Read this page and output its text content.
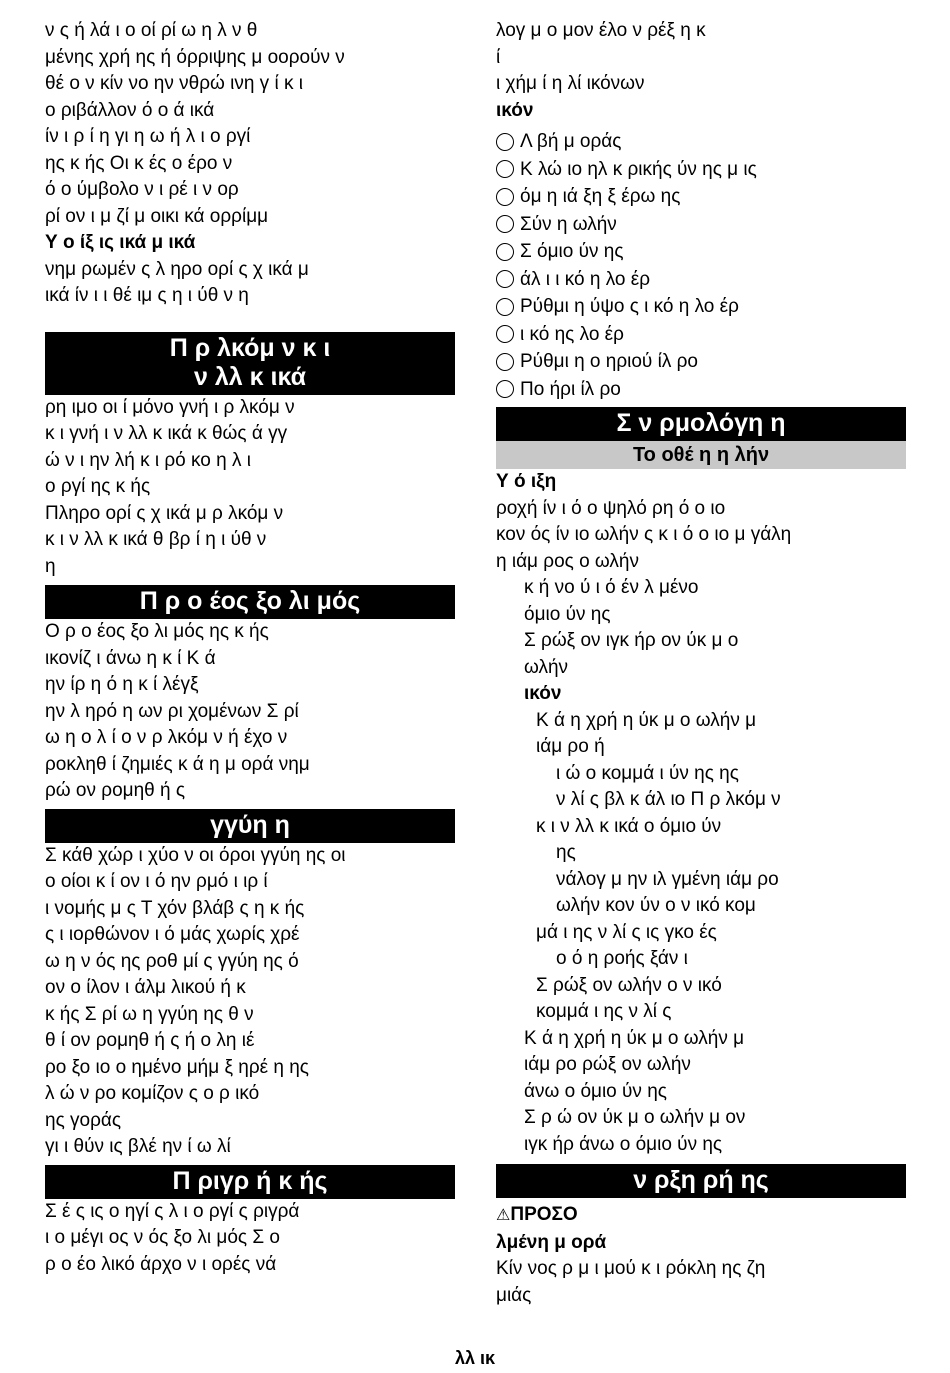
ν ς ή λά ι ο οί ρί ω η λ ν θ

μένης χρή ης ή όρριψης μ οορούν ν

θέ ο ν κίν νο ην νθρώ ινη γ ί κ ι

ο ριβάλλον ό ο ά ικά

ίν ι ρ ί η γι η ω ή λ ι ο ργί

ης κ ής Οι κ ές ο έρο ν

ό ο ύμβολο ν ι ρέ ι ν ορ

ρί ον ι μ ζί μ οικι κά ορρίμμ

Υ ο ίξ ις ικά μ ικά

νημ ρωμέν ς λ ηρο ορί ς χ ικά μ

ικά ίν ι ι θέ ιμ ς η ι ύθ ν η

Π ρ λκόμ ν κ ι
ν λλ κ ικά

ρη ιμο οι ί μόνο γνή ι ρ λκόμ ν

κ ι γνή ι ν λλ κ ικά κ θώς ά γγ

ώ ν ι ην λή κ ι ρό κο η λ ι

ο ργί ης κ ής

Πληρο ορί ς χ ικά μ ρ λκόμ ν

κ ι ν λλ κ ικά θ βρ ί η ι ύθ ν

η

Π ρ ο έος ξο λι μός

Ο ρ ο έος ξο λι μός ης κ ής

ικονίζ ι άνω η κ ί Κ ά

ην ίρ η ό η κ ί λέγξ

ην λ ηρό η ων ρι χομένων Σ ρί

ω η ο λ ί ο ν ρ λκόμ ν ή έχο ν

ροκληθ ί ζημιές κ ά η μ ορά νημ

ρώ ον ρομηθ ή ς

γγύη η

Σ κάθ χώρ ι χύο ν οι όροι γγύη ης οι

ο οίοι κ ί ον ι ό ην ρμό ι ιρ ί

ι νομής μ ς Τ χόν βλάβ ς η κ ής

ς ι ιορθώνον ι ό μάς χωρίς χρέ

ω η ν ός ης ροθ μί ς γγύη ης ό

ον ο ίλον ι άλμ λικού ή κ

κ ής Σ ρί ω η γγύη ης θ ν

θ ί ον ρομηθ ή ς ή ο λη ιέ

ρο ξο ιο ο ημένο μήμ ξ ηρέ η ης

λ ώ ν ρο κομίζον ς ο ρ ικό

ης γοράς

γι ι θύν ις βλέ ην ί ω λί

Π ριγρ ή κ ής

Σ έ ς ις ο ηγί ς λ ι ο ργί ς ριγρά

ι ο μέγι ος ν ός ξο λι μός Σ ο

ρ ο έο λικό άρχο ν ι ορές νά

λογ μ ο μον έλο ν ρέξ η κ

ί

ι χήμ ί η λί ικόνων

ικόν

Λ βή μ οράς
Κ λώ ιο ηλ κ ρικής ύν ης μ ις
όμ η ιά ξη ξ έρω ης
Σύν η ωλήν
Σ όμιο ύν ης
άλ ι ι κό η λο έρ
Ρύθμι η ύψο ς ι κό η λο έρ
ι κό ης λο έρ
Ρύθμι η ο ηριού ίλ ρο
Πο ήρι ίλ ρο
Σ ν ρμολόγη η
Το οθέ η η λήν

Υ ό ιξη

ροχή ίν ι ό ο ψηλό ρη ό ο ιο

κον ός ίν ιο ωλήν ς κ ι ό ο ιο μ γάλη

η ιάμ ρος ο ωλήν

κ ή νο ύ ι ό έν λ μένο

όμιο ύν ης

Σ ρώξ ον ιγκ ήρ ον ύκ μ ο

ωλήν

ικόν

Κ ά η χρή η ύκ μ ο ωλήν μ

ιάμ ρο ή

ι ώ ο κομμά ι ύν ης ης

ν λί ς βλ κ άλ ιο Π ρ λκόμ ν

κ ι ν λλ κ ικά ο όμιο ύν

ης

νάλογ μ ην ιλ γμένη ιάμ ρο

ωλήν κον ύν ο ν ικό κομ

μά ι ης ν λί ς ις γκο ές

ο ό η ροής ξάν ι

Σ ρώξ ον ωλήν ο ν ικό

κομμά ι ης ν λί ς

Κ ά η χρή η ύκ μ ο ωλήν μ

ιάμ ρο ρώξ ον ωλήν

άνω ο όμιο ύν ης

Σ ρ ώ ον ύκ μ ο ωλήν μ ον

ιγκ ήρ άνω ο όμιο ύν ης

ν ρξη ρή ης

⚠ΠΡΟΣΟ

λμένη μ ορά

Κίν νος ρ μ ι μού κ ι ρόκλη ης ζη

μιάς

λλ ικ
